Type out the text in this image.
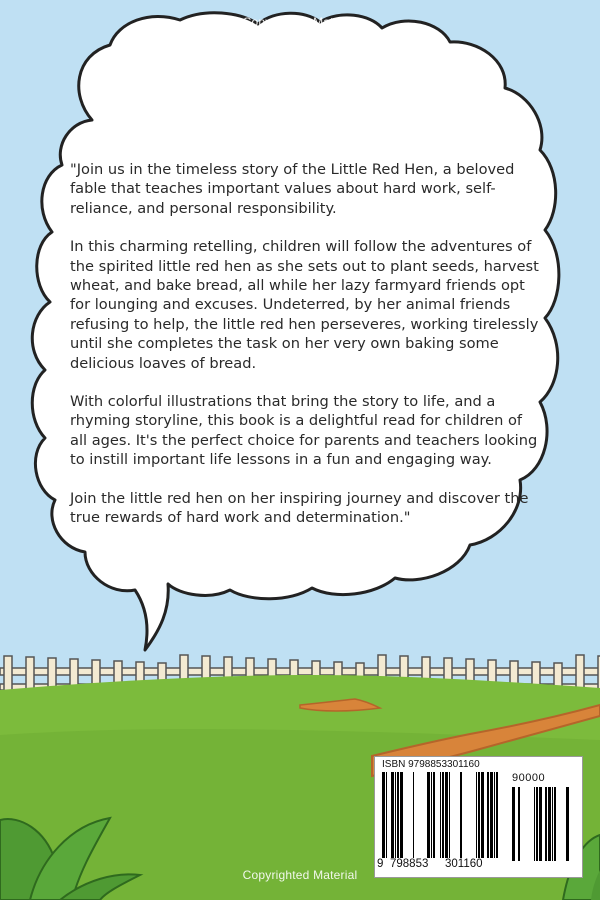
Copyrighted Material

"Join us in the timeless story of the Little Red Hen, a beloved fable that teaches important values about hard work, self-reliance, and personal responsibility.

In this charming retelling, children will follow the adventures of the spirited little red hen as she sets out to plant seeds, harvest wheat, and bake bread, all while her lazy farmyard friends opt for lounging and excuses. Undeterred, by her animal friends refusing to help, the little red hen perseveres, working tirelessly until she completes the task on her very own baking some delicious loaves of bread.

With colorful illustrations that bring the story to life, and a rhyming storyline, this book is a delightful read for children of all ages. It's the perfect choice for parents and teachers looking to instill important life lessons in a fun and engaging way.

Join the little red hen on her inspiring journey and discover the true rewards of hard work and determination."

ISBN 9798853301160
90000
9 798853 301160
Copyrighted Material
